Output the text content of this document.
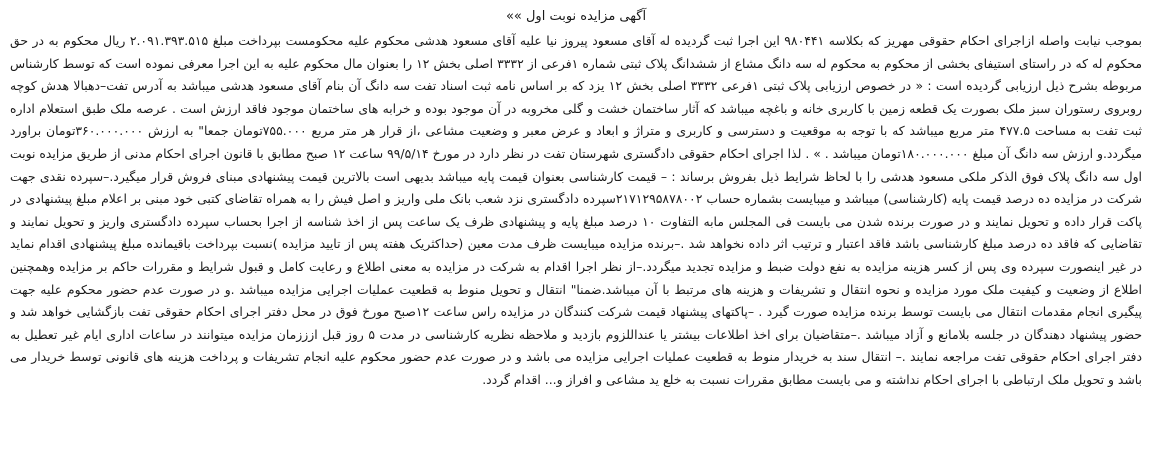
آگهی مزایده نوبت اول »»

بموجب نیابت واصله ازاجرای احکام حقوقی مهریز که بکلاسه ۹۸۰۴۴۱ این اجرا ثبت گردیده له آقای مسعود پیروز نیا علیه آقای مسعود هدشی محکوم علیه محکومست بپرداخت مبلغ ۲.۰۹۱.۳۹۳.۵۱۵ ریال محکوم به در حق محکوم له که در راستای استیفای بخشی از محکوم به محکوم له سه دانگ مشاع از ششدانگ پلاک ثبتی شماره ۱فرعی از ۳۳۳۲ اصلی بخش ۱۲ را بعنوان مال محکوم علیه به این اجرا معرفی نموده است که توسط کارشناس مربوطه بشرح ذیل ارزیابی گردیده است : « در خصوص ارزیابی پلاک ثبتی ۱فرعی ۳۳۳۲ اصلی بخش ۱۲ یزد که بر اساس نامه ثبت اسناد تفت سه دانگ آن بنام آقای مسعود هدشی میباشد به آدرس تفت–دهبالا هدش کوچه روبروی رستوران سبز ملک بصورت یک قطعه زمین با کاربری خانه و باغچه میباشد که آثار ساختمان خشت و گلی مخروبه در آن موجود بوده و خرابه های ساختمان موجود فاقد ارزش است . عرصه ملک طبق استعلام اداره ثبت تفت به مساحت ۴۷۷.۵ متر مربع میباشد که با توجه به موقعیت و دسترسی و کاربری و متراژ و ابعاد و عرض معبر و وضعیت مشاعی ،از قرار هر متر مربع ۷۵۵.۰۰۰تومان جمعا" به ارزش ۳۶۰.۰۰۰.۰۰۰تومان براورد میگردد.و ارزش سه دانگ آن مبلغ ۱۸۰.۰۰۰.۰۰۰تومان میباشد . » . لذا اجرای احکام حقوقی دادگستری شهرستان تفت در نظر دارد در مورخ ۹۹/۵/۱۴ ساعت ۱۲ صبح مطابق با قانون اجرای احکام مدنی از طریق مزایده نوبت اول سه دانگ پلاک فوق الذکر ملکی مسعود هدشی را با لحاظ شرایط ذیل بفروش برساند : – قیمت کارشناسی بعنوان قیمت پایه میباشد بدیهی است بالاترین قیمت پیشنهادی مبنای فروش قرار میگیرد.–سپرده نقدی جهت شرکت در مزایده ده درصد قیمت پایه (کارشناسی) میباشد و میبایست بشماره حساب ۲۱۷۱۲۹۵۸۷۸۰۰۲سپرده دادگستری نزد شعب بانک ملی واریز و اصل فیش را به همراه تقاضای کتبی خود مبنی بر اعلام مبلغ پیشنهادی در پاکت قرار داده و تحویل نمایند و در صورت برنده شدن می بایست فی المجلس مابه التفاوت ۱۰ درصد مبلغ پایه و پیشنهادی ظرف یک ساعت پس از اخذ شناسه از اجرا بحساب سپرده دادگستری واریز و تحویل نمایند و تقاضایی که فاقد ده درصد مبلغ کارشناسی باشد فاقد اعتبار و ترتیب اثر داده نخواهد شد .–برنده مزایده میبایست ظرف مدت معین (حداکثریک هفته پس از تایید مزایده )نسبت بپرداخت باقیمانده مبلغ پیشنهادی اقدام نماید در غیر اینصورت سپرده وی پس از کسر هزینه مزایده به نفع دولت ضبط و مزایده تجدید میگردد.–از نظر اجرا اقدام به شرکت در مزایده به معنی اطلاع و رعایت کامل و قبول شرایط و مقررات حاکم بر مزایده وهمچنین اطلاع از وضعیت و کیفیت ملک مورد مزایده و نحوه انتقال و تشریفات و هزینه های مرتبط با آن میباشد.ضمنا" انتقال و تحویل منوط به قطعیت عملیات اجرایی مزایده میباشد .و در صورت عدم حضور محکوم علیه جهت پیگیری انجام مقدمات انتقال می بایست توسط برنده مزایده صورت گیرد . –پاکتهای پیشنهاد قیمت شرکت کنندگان در مزایده راس ساعت ۱۲صبح مورخ فوق در محل دفتر اجرای احکام حقوقی تفت بازگشایی خواهد شد و حضور پیشنهاد دهندگان در جلسه بلامانع و آزاد میباشد .–متقاضیان برای اخذ اطلاعات بیشتر یا عنداللزوم بازدید و ملاحظه نظریه کارشناسی در مدت ۵ روز قبل ازززمان مزایده میتوانند در ساعات اداری ایام غیر تعطیل به دفتر اجرای احکام حقوقی تفت مراجعه نمایند .– انتقال سند به خریدار منوط به قطعیت عملیات اجرایی مزایده می باشد و در صورت عدم حضور محکوم علیه انجام تشریفات و پرداخت هزینه های قانونی توسط خریدار می باشد و تحویل ملک ارتباطی با اجرای احکام نداشته و می بایست مطابق مقررات نسبت به خلع ید مشاعی و افراز و... اقدام گردد.
